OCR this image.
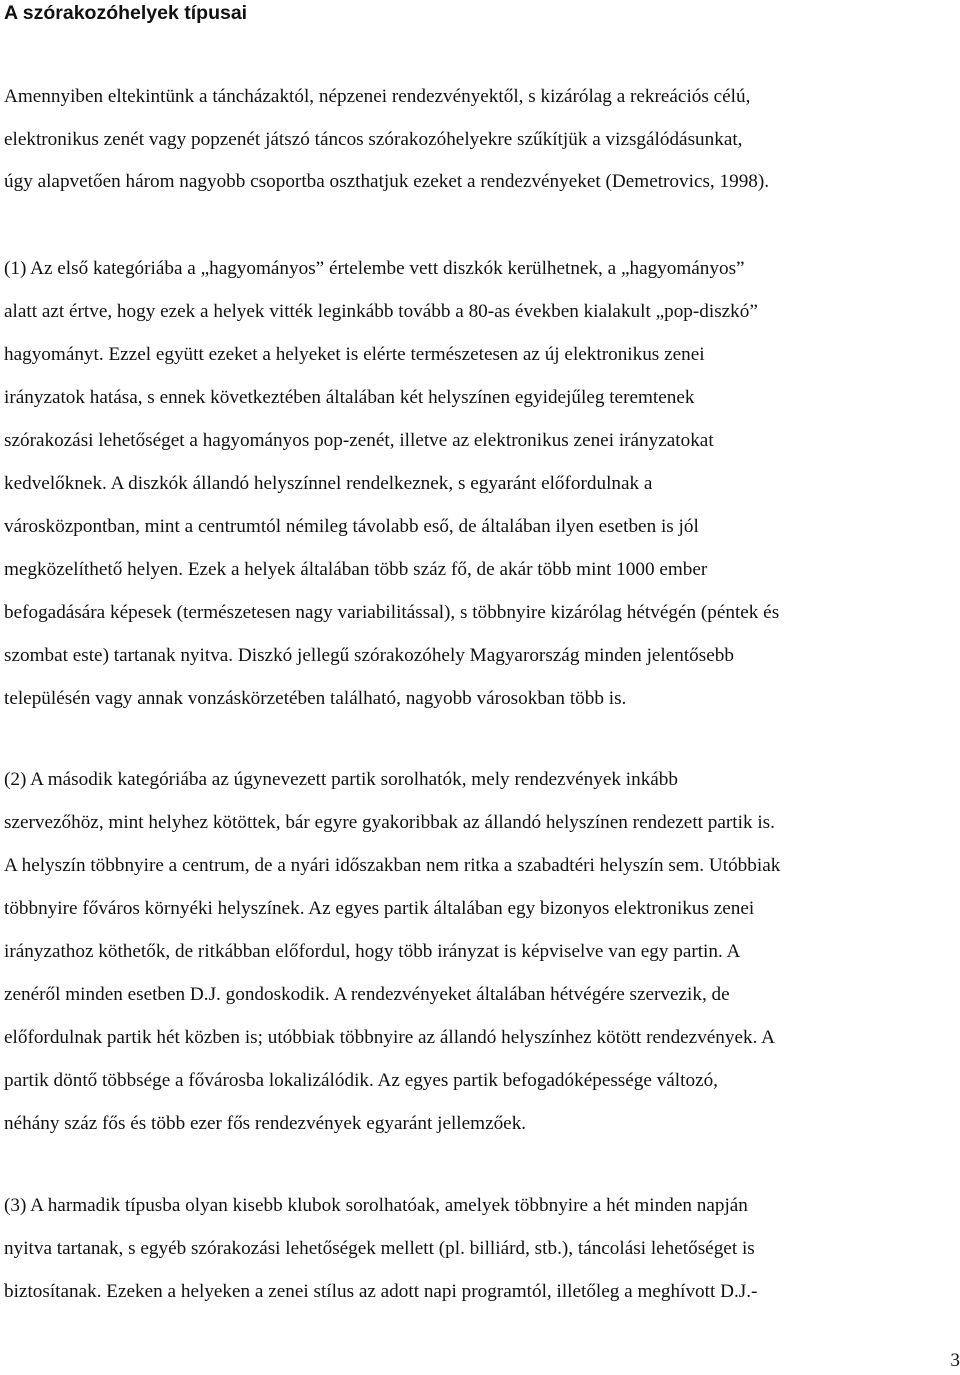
A szórakozóhelyek típusai

Amennyiben eltekintünk a táncházaktól, népzenei rendezvényektől, s kizárólag a rekreációs célú,
elektronikus zenét vagy popzenét játszó táncos szórakozóhelyekre szűkítjük a vizsgálódásunkat,
úgy alapvetően három nagyobb csoportba oszthatjuk ezeket a rendezvényeket (Demetrovics, 1998).

(1) Az első kategóriába a „hagyományos” értelembe vett diszkók kerülhetnek, a „hagyományos”
alatt azt értve, hogy ezek a helyek vitték leginkább tovább a 80-as években kialakult „pop-diszkó”
hagyományt. Ezzel együtt ezeket a helyeket is elérte természetesen az új elektronikus zenei
irányzatok hatása, s ennek következtében általában két helyszínen egyidejűleg teremtenek
szórakozási lehetőséget a hagyományos pop-zenét, illetve az elektronikus zenei irányzatokat
kedvelőknek. A diszkók állandó helyszínnel rendelkeznek, s egyaránt előfordulnak a
városközpontban, mint a centrumtól némileg távolabb eső, de általában ilyen esetben is jól
megközelíthető helyen. Ezek a helyek általában több száz fő, de akár több mint 1000 ember
befogadására képesek (természetesen nagy variabilitással), s többnyire kizárólag hétvégén (péntek és
szombat este) tartanak nyitva. Diszkó jellegű szórakozóhely Magyarország minden jelentősebb
településén vagy annak vonzáskörzetében található, nagyobb városokban több is.

(2) A második kategóriába az úgynevezett partik sorolhatók, mely rendezvények inkább
szervezőhöz, mint helyhez kötöttek, bár egyre gyakoribbak az állandó helyszínen rendezett partik is.
A helyszín többnyire a centrum, de a nyári időszakban nem ritka a szabadtéri helyszín sem. Utóbbiak
többnyire főváros környéki helyszínek. Az egyes partik általában egy bizonyos elektronikus zenei
irányzathoz köthetők, de ritkábban előfordul, hogy több irányzat is képviselve van egy partin. A
zenéről minden esetben D.J. gondoskodik. A rendezvényeket általában hétvégére szervezik, de
előfordulnak partik hét közben is; utóbbiak többnyire az állandó helyszínhez kötött rendezvények. A
partik döntő többsége a fővárosba lokalizálódik. Az egyes partik befogadóképessége változó,
néhány száz fős és több ezer fős rendezvények egyaránt jellemzőek.

(3) A harmadik típusba olyan kisebb klubok sorolhatóak, amelyek többnyire a hét minden napján
nyitva tartanak, s egyéb szórakozási lehetőségek mellett (pl. billiárd, stb.), táncolási lehetőséget is
biztosítanak. Ezeken a helyeken a zenei stílus az adott napi programtól, illetőleg a meghívott D.J.-

3
